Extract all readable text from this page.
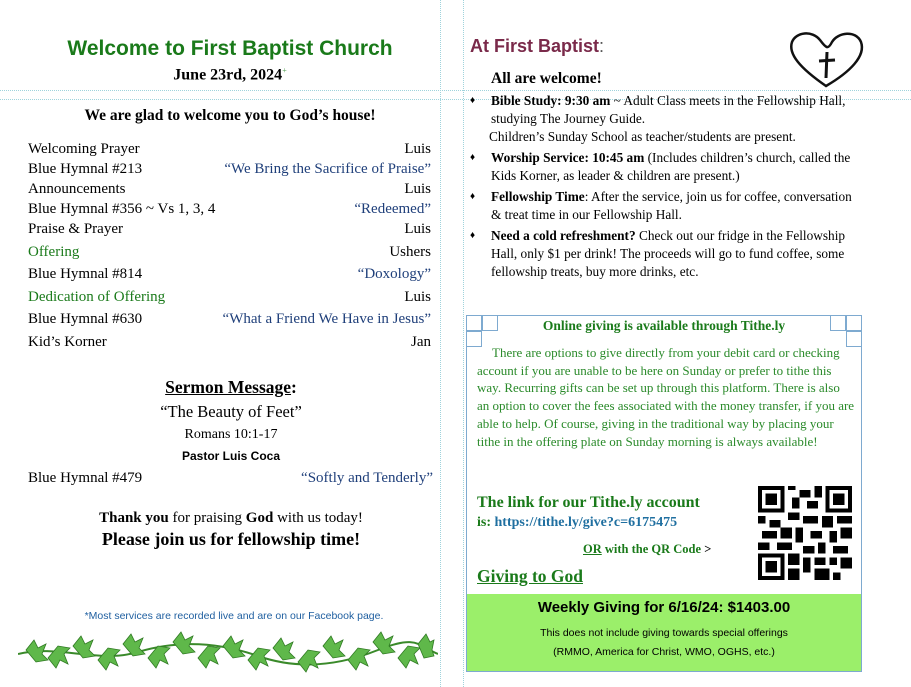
Welcome to First Baptist Church
June 23rd, 2024+
We are glad to welcome you to God’s house!
Welcoming Prayer	Luis
Blue Hymnal #213	“We Bring the Sacrifice of Praise”
Announcements	Luis
Blue Hymnal #356 ~ Vs 1, 3, 4	“Redeemed”
Praise & Prayer	Luis
Offering	Ushers
Blue Hymnal #814	“Doxology”
Dedication of Offering	Luis
Blue Hymnal #630	“What a Friend We Have in Jesus”
Kid’s Korner	Jan
Sermon Message:
“The Beauty of Feet”
Romans 10:1-17
Pastor Luis Coca
Blue Hymnal #479	“Softly and Tenderly”
Thank you for praising God with us today!
Please join us for fellowship time!
*Most services are recorded live and are on our Facebook page.
At First Baptist:
All are welcome!
♦ Bible Study: 9:30 am ~ Adult Class meets in the Fellowship Hall, studying The Journey Guide.
Children’s Sunday School as teacher/students are present.
♦ Worship Service: 10:45 am (Includes children’s church, called the Kids Korner, as leader & children are present.)
♦ Fellowship Time: After the service, join us for coffee, conversation & treat time in our Fellowship Hall.
♦ Need a cold refreshment? Check out our fridge in the Fellowship Hall, only $1 per drink! The proceeds will go to fund coffee, some fellowship treats, buy more drinks, etc.
Online giving is available through Tithe.ly
There are options to give directly from your debit card or checking account if you are unable to be here on Sunday or prefer to tithe this way. Recurring gifts can be set up through this platform. There is also an option to cover the fees associated with the money transfer, if you are able to help. Of course, giving in the traditional way by placing your tithe in the offering plate on Sunday morning is always available!
The link for our Tithe.ly account
is: https://tithe.ly/give?c=6175475
OR with the QR Code >
Giving to God
Weekly Giving for 6/16/24: $1403.00
This does not include giving towards special offerings
(RMMO, America for Christ, WMO, OGHS, etc.)
